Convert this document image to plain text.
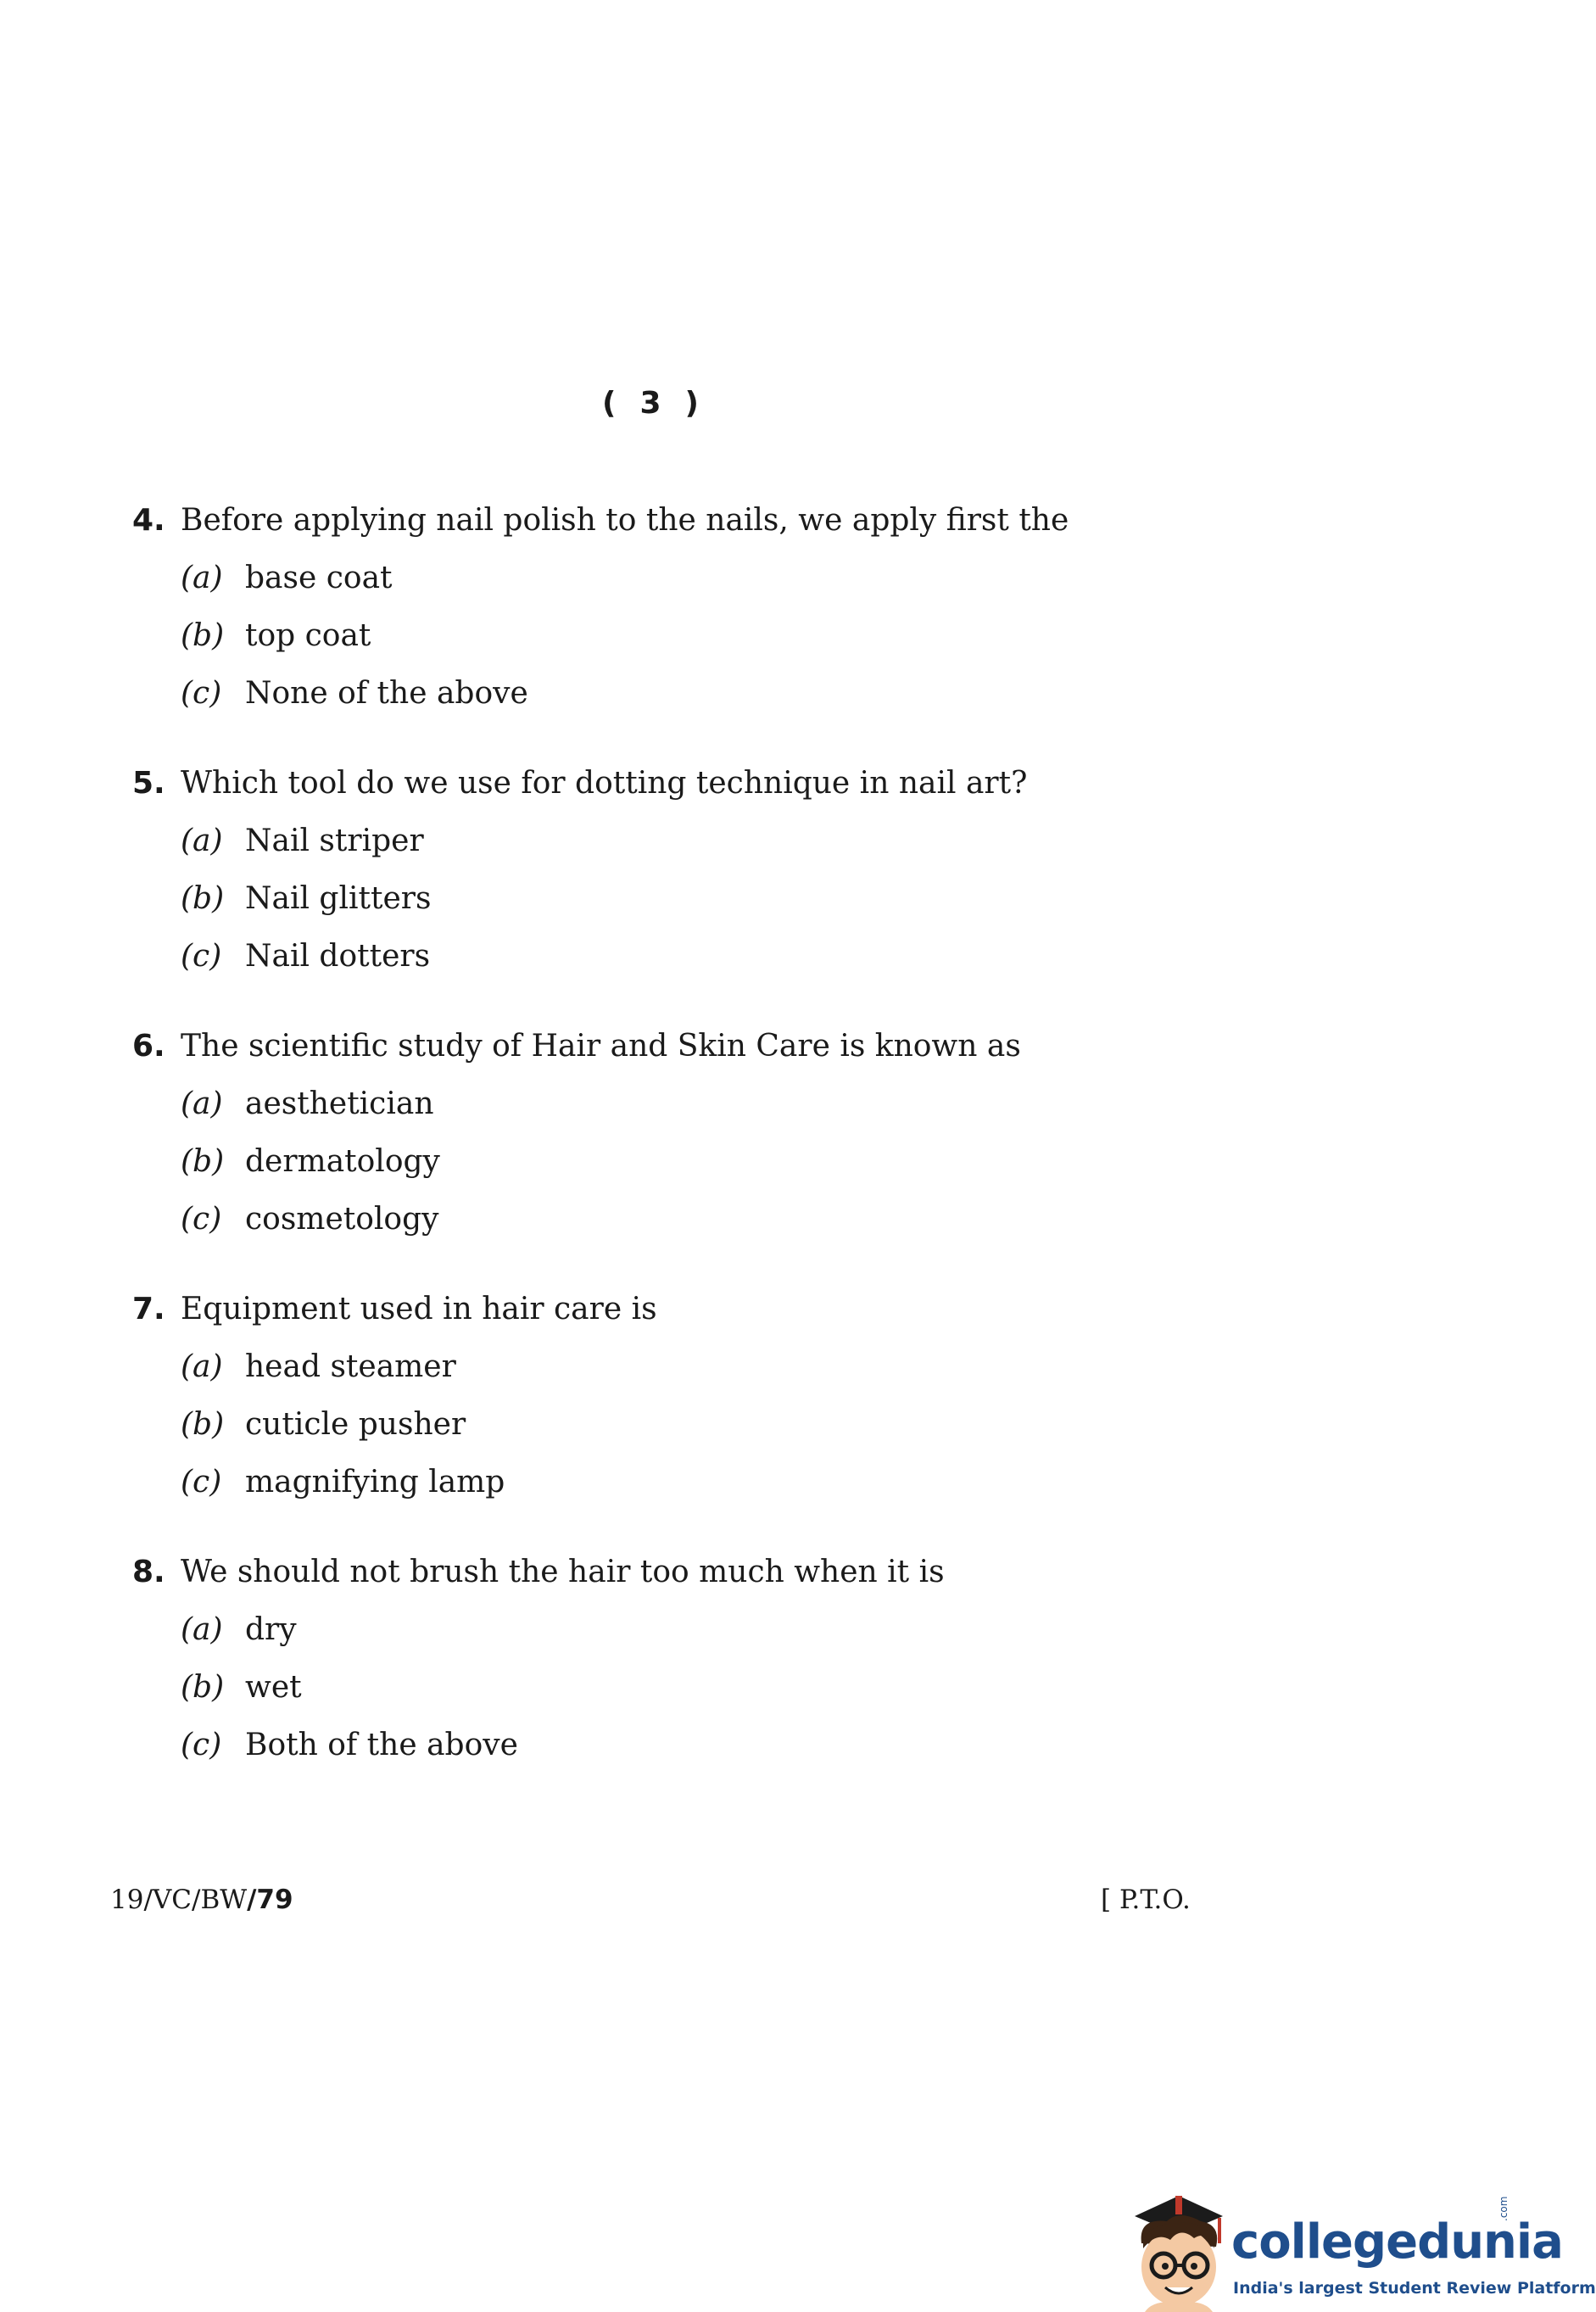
( 3 )
4. Before applying nail polish to the nails, we apply first the
(a) base coat
(b) top coat
(c) None of the above
5. Which tool do we use for dotting technique in nail art?
(a) Nail striper
(b) Nail glitters
(c) Nail dotters
6. The scientific study of Hair and Skin Care is known as
(a) aesthetician
(b) dermatology
(c) cosmetology
7. Equipment used in hair care is
(a) head steamer
(b) cuticle pusher
(c) magnifying lamp
8. We should not brush the hair too much when it is
(a) dry
(b) wet
(c) Both of the above
19/VC/BW/79	[ P.T.O.
collegedunia
.com
India's largest Student Review Platform
